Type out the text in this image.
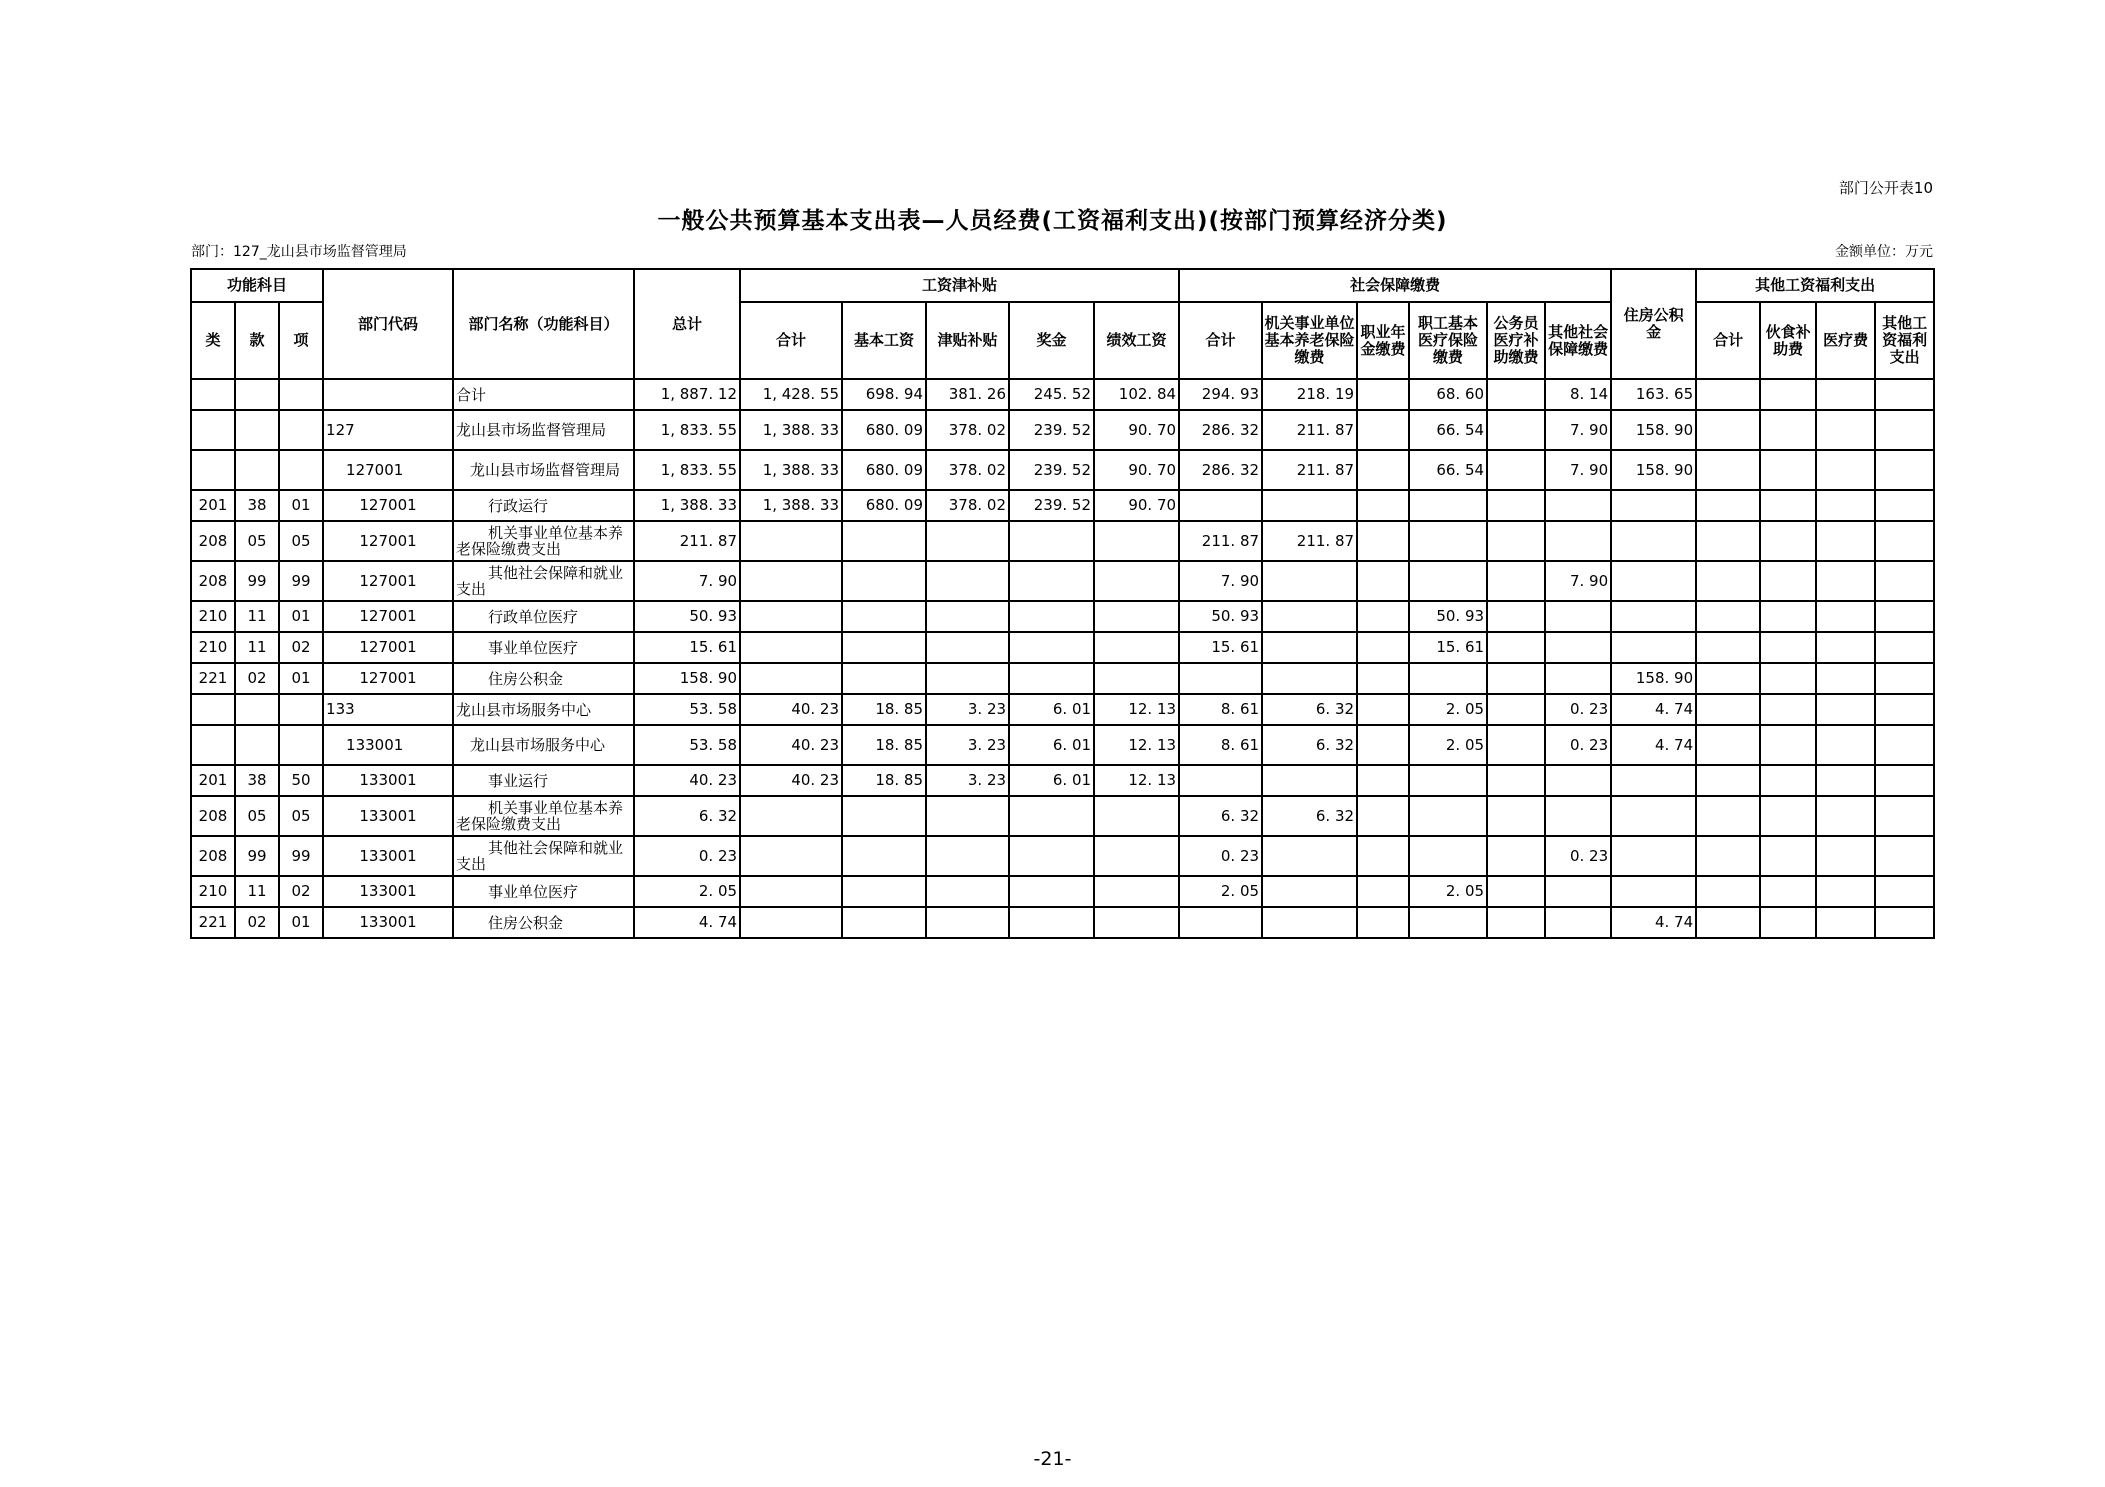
部门公开表10
一般公共预算基本支出表—人员经费(工资福利支出)(按部门预算经济分类)
部门：127_龙山县市场监督管理局	金额单位：万元
功能科目			部门代码	部门名称（功能科目）	总计	工资津补贴					社会保障缴费						住房公积金	其他工资福利支出			
类	款	项				合计	基本工资	津贴补贴	奖金	绩效工资	合计	机关事业单位基本养老保险缴费	职业年金缴费	职工基本医疗保险缴费	公务员医疗补助缴费	其他社会保障缴费		合计	伙食补助费	医疗费	其他工资福利支出
				合计	1, 887. 12	1, 428. 55	698. 94	381. 26	245. 52	102. 84	294. 93	218. 19		68. 60		8. 14	163. 65				
			127	龙山县市场监督管理局	1, 833. 55	1, 388. 33	680. 09	378. 02	239. 52	90. 70	286. 32	211. 87		66. 54		7. 90	158. 90				
			127001	龙山县市场监督管理局	1, 833. 55	1, 388. 33	680. 09	378. 02	239. 52	90. 70	286. 32	211. 87		66. 54		7. 90	158. 90				
201	38	01	127001	行政运行	1, 388. 33	1, 388. 33	680. 09	378. 02	239. 52	90. 70											
208	05	05	127001	机关事业单位基本养老保险缴费支出	211. 87						211. 87	211. 87									
208	99	99	127001	其他社会保障和就业支出	7. 90						7. 90					7. 90					
210	11	01	127001	行政单位医疗	50. 93						50. 93			50. 93							
210	11	02	127001	事业单位医疗	15. 61						15. 61			15. 61							
221	02	01	127001	住房公积金	158. 90												158. 90				
			133	龙山县市场服务中心	53. 58	40. 23	18. 85	3. 23	6. 01	12. 13	8. 61	6. 32		2. 05		0. 23	4. 74				
			133001	龙山县市场服务中心	53. 58	40. 23	18. 85	3. 23	6. 01	12. 13	8. 61	6. 32		2. 05		0. 23	4. 74				
201	38	50	133001	事业运行	40. 23	40. 23	18. 85	3. 23	6. 01	12. 13											
208	05	05	133001	机关事业单位基本养老保险缴费支出	6. 32						6. 32	6. 32									
208	99	99	133001	其他社会保障和就业支出	0. 23						0. 23					0. 23					
210	11	02	133001	事业单位医疗	2. 05						2. 05			2. 05							
221	02	01	133001	住房公积金	4. 74												4. 74				
-21-
